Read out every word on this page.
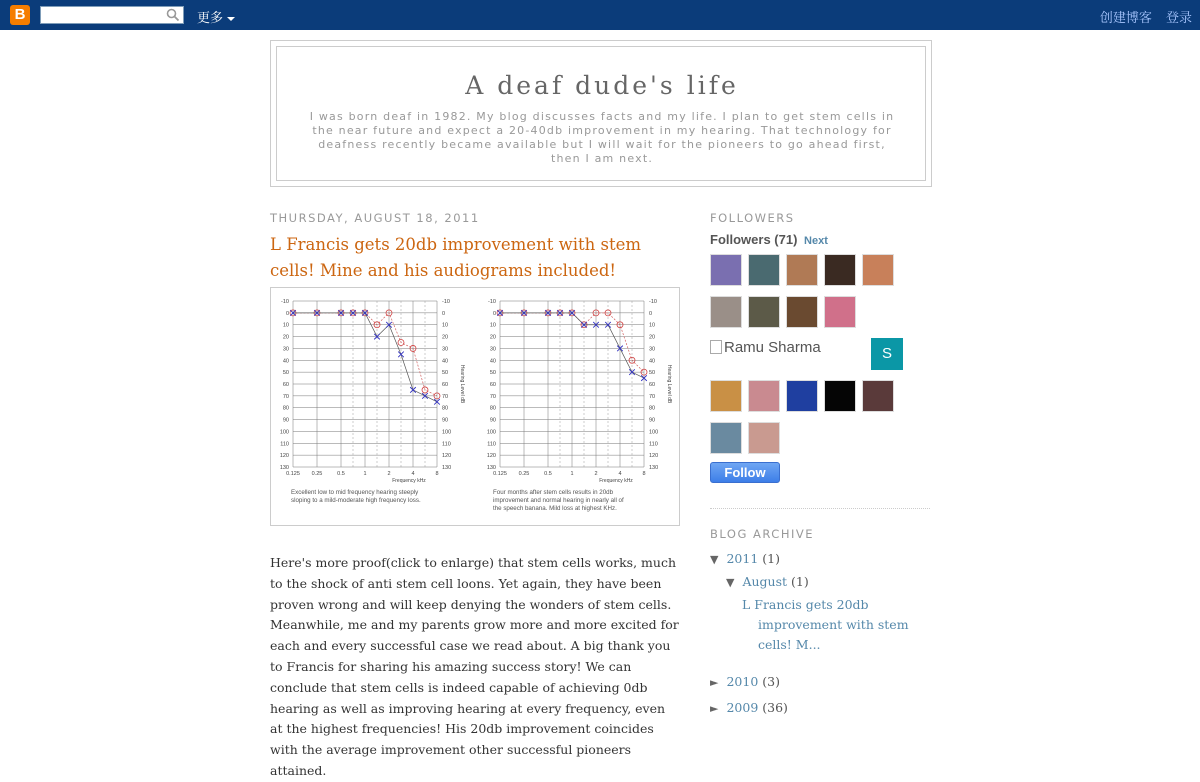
B	更多	创建博客 登录
A deaf dude's life
I was born deaf in 1982. My blog discusses facts and my life. I plan to get stem cells in the near future and expect a 20-40db improvement in my hearing. That technology for deafness recently became available but I will wait for the pioneers to go ahead first, then I am next.
THURSDAY, AUGUST 18, 2011
L Francis gets 20db improvement with stem cells! Mine and his audiograms included!
Excellent low to mid frequency hearing steeply sloping to a mild-moderate high frequency loss.
Four months after stem cells results in 20db improvement and normal hearing in nearly all of the speech banana. Mild loss at highest KHz.
-10	-10
0	0
10	10
20	20
30	30
40	40
50	50
60	60
70	70
80	80
90	90
100	100
110	110
120	120
130	130
0.125 0.25	0.5	1	2	4	8
Frequency kHz
Hearing Level dB
-10	-10
0	0
10	10
20	20
30	30
40	40
50	50
60	60
70	70
80	80
90	90
100	100
110	110
120	120
130	130
0.125 0.25	0.5	1	2	4	8
Frequency kHz
Hearing Level dB
Here's more proof(click to enlarge) that stem cells works, much to the shock of anti stem cell loons. Yet again, they have been proven wrong and will keep denying the wonders of stem cells. Meanwhile, me and my parents grow more and more excited for each and every successful case we read about. A big thank you to Francis for sharing his amazing success story! We can conclude that stem cells is indeed capable of achieving 0db hearing as well as improving hearing at every frequency, even at the highest frequencies! His 20db improvement coincides with the average improvement other successful pioneers attained.
FOLLOWERS
Followers (71) Next
Ramu Sharma	S
Follow
BLOG ARCHIVE
▼ 2011 (1)
▼ August (1)
L Francis gets 20db improvement with stem cells! M...
► 2010 (3)
► 2009 (36)
